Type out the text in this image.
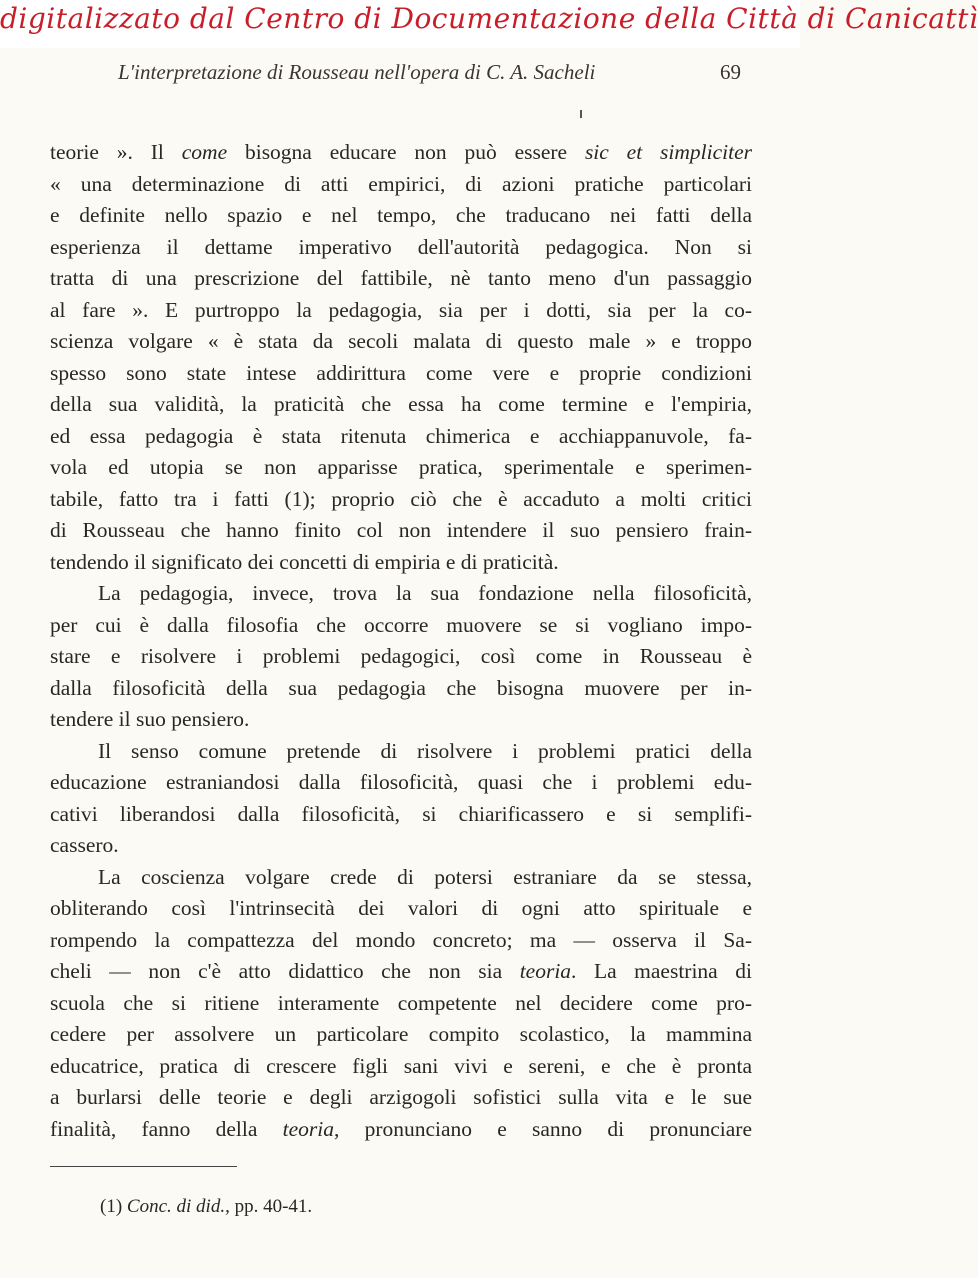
digitalizzato dal Centro di Documentazione della Città di Canicattì
L'interpretazione di Rousseau nell'opera di C. A. Sacheli	69
teorie ». Il come bisogna educare non può essere sic et simpliciter
« una determinazione di atti empirici, di azioni pratiche particolari
e definite nello spazio e nel tempo, che traducano nei fatti della
esperienza il dettame imperativo dell'autorità pedagogica. Non si
tratta di una prescrizione del fattibile, nè tanto meno d'un passaggio
al fare ». E purtroppo la pedagogia, sia per i dotti, sia per la co-
scienza volgare « è stata da secoli malata di questo male » e troppo
spesso sono state intese addirittura come vere e proprie condizioni
della sua validità, la praticità che essa ha come termine e l'empiria,
ed essa pedagogia è stata ritenuta chimerica e acchiappanuvole, fa-
vola ed utopia se non apparisse pratica, sperimentale e sperimen-
tabile, fatto tra i fatti (1); proprio ciò che è accaduto a molti critici
di Rousseau che hanno finito col non intendere il suo pensiero frain-
tendendo il significato dei concetti di empiria e di praticità.
La pedagogia, invece, trova la sua fondazione nella filosoficità,
per cui è dalla filosofia che occorre muovere se si vogliano impo-
stare e risolvere i problemi pedagogici, così come in Rousseau è
dalla filosoficità della sua pedagogia che bisogna muovere per in-
tendere il suo pensiero.
Il senso comune pretende di risolvere i problemi pratici della
educazione estraniandosi dalla filosoficità, quasi che i problemi edu-
cativi liberandosi dalla filosoficità, si chiarificassero e si semplifi-
cassero.
La coscienza volgare crede di potersi estraniare da se stessa,
obliterando così l'intrinsecità dei valori di ogni atto spirituale e
rompendo la compattezza del mondo concreto; ma — osserva il Sa-
cheli — non c'è atto didattico che non sia teoria. La maestrina di
scuola che si ritiene interamente competente nel decidere come pro-
cedere per assolvere un particolare compito scolastico, la mammina
educatrice, pratica di crescere figli sani vivi e sereni, e che è pronta
a burlarsi delle teorie e degli arzigogoli sofistici sulla vita e le sue
finalità, fanno della teoria, pronunciano e sanno di pronunciare
(1) Conc. di did., pp. 40-41.
